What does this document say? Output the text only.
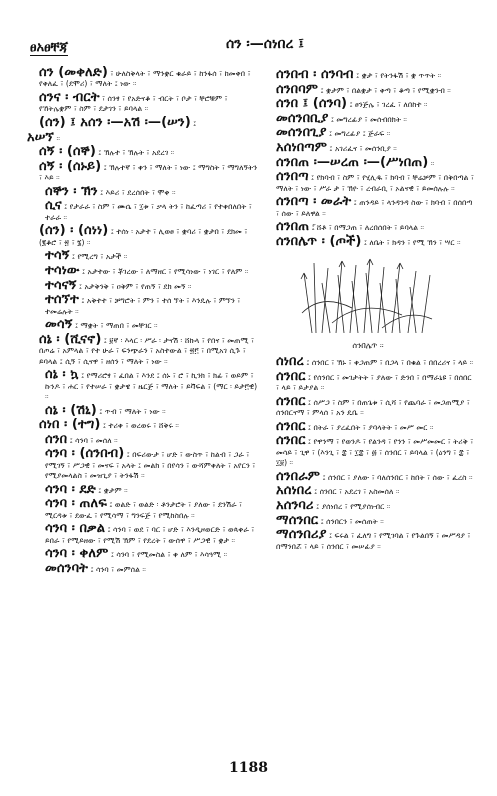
ፀአፀቸጃ	ሰን ፡—ሰነበረ ፤
ሰን (መቀለድ) ፣ ሁለስቅላት ፣ ማንቋር ቁራይ ፣ ከንፋሰ ፣ ከመቀበ ፣ የቀለፈ ፣ (ደሞሪ) ፣ ማለት ፤ ነው ።
ሰንና ፡ ብርት ፣ ሰንፃ ፣ የአድናቆ ፣ ብርት ፣ ቦታ ፣ ቸሮቹም ፣ የኸትሌቋም ፣ ስም ፣ ደታገን ፣ ይባላል ።
(ሰን) ፤ አሰን ፡—አሽ ፡—(ሠን) ፤
አሠኘ ።
ሰኝ ፡ (ሰኞ) ፤ ኽሉተ ፣ ኽሉት ፣ አደረገ ።
ሰኝ ፡ (ሰኑይ) ፤ ኽሉተኛ ፣ ቀን ፣ ማለት ፣ ነው ፤ ማግስት ፣ ማግለኝትን ፣ እይ ።
ሰኞን ፡ ኽን ፤ እይሪ ፣ ደረሰበት ፣ ሞቀ ።
ሲና ፤ የታራራ ፣ ስም ፣ ሙሴ ፣ ፲ቱ ፣ ቃላ ትን ፣ ከፈጣሪ ፣ የተቀበለበት ፣ ተራራ ።
(ሰን) ፡ (ሰነነ) ፤ ተሰነ ፡ አታተ ፣ ሊወፀ ፣ ቋባሪ ፣ ቋታበ ፣ ደክመ ፣ (፪ቆሮ ፣ ፳ ፣ ፮) ።
ተሳኝ ፤ የሚረግ ፣ አታች ።
ተሳነው ፤ አታተው ፣ ቾገረው ፣ ለማዘር ፣ የሚሳነው ፣ ነገር ፣ የለም ።
ተሳናኝ ፤ አታቅንቅ ፣ ዐቅም ፣ የጠኝ ፣ ደክ መኝ ።
ተሰኘተ ፤ አቅተተ ፣ ቻግሮት ፣ ምን ፣ ተሰ ኘት ፣ እንዴሉ ፣ ምኘን ፣ ተመሬሉት ።
መሳኝ ፤ ማቋት ፣ ማጠበ ፣ መቸገር ።
ሰኔ ፡ (ሺናኖ) ፤ ፱ኛ ፡ እላር ፡ ሥራ ፡ ታናሽ ፡ ሸኩላ ፣ የበና ፣ መጠሚ ፣ በጦሬ ፣ አምላል ፣ የተ ሁራ ፣ ፍንጭራን ፣ አስተውል ፣ ፳፫ ፣ በሚአገ ሲጉ ፣ ይባላል ፤ ሲኝ ፣ ሲናዋ ፣ ዘሰን ፣ ማለት ፣ ነው ።
ሰኔ ፡ ኳ ፤ የማሪሮፃ ፣ ፈበል ፣ እንደ ፤ ሰኑ ፣ ሮ ፣ ኪንክ ፣ ክፊ ፣ ወይም ፣ ኩንዶ ፣ ሐር ፣ የተሠራ ፣ ቋታዌ ፣ ዜርጅ ፣ ማለት ፣ ይቫፍል ፣ (ማር ፡ ይታ፫ዊ) ።
ሰኔ ፡ (ሽኒ) ፤ ጥብ ፣ ማለት ፣ ነው ።
ሰነበ ፡ (ተግ) ፤ ተሪቀ ፣ ወረወሩ ፣ ሸቅሩ ።
ሰንበ ፤ ሳንባ ፣ መሰለ ።
ሳንባ ፡ (ሰንበብ) ፤ በፍሪውታ ፣ ሆድ ፣ ውስጥ ፣ ከልብ ፣ ጋራ ፣ የሚገኝ ፣ ሥጋዊ ፣ መናፍ ፣ አላት ፤ መልክ ፣ በየሳን ፣ ውሻምቀለት ፣ አየርን ፣ የሚያመላልስ ፣ መዝጊያ ፣ ትንፋሽ ።
ሳንባ ፡ ደድ ፤ ቋታም ።
ሳንባ ፡ ጠለፍ ፤ ወልድ ፣ ወልድ ፡ ቶንታሮት ፣ ያለው ፣ ደንሽራ ፣ ሚርዳቱ ፣ ደውፈ ፣ የሚሳማ ፣ ግንፍጅ ፣ የሚከስበሉ ።
ሳንባ ፡ በቃል ፤ ሳንባ ፣ ወደ ፣ ባር ፣ ሆድ ፣ እንዲዞወርድ ፣ ወጳቀራ ፣ ይበራ ፣ የሚይዘው ፣ የሚሽ ኽም ፣ የደረት ፣ ውሰዋ ፣ ሥጋዊ ፣ ቋታ ።
ሳንባ ፡ ቀለም ፤ ሳንባ ፣ የሚመስል ፣ ቀ ለም ፣ እሳጓሚ ።
መሰንባት ፤ ሳንባ ፣ መምሰል ።
ሰንበብ ፡ ሰንባብ ፤ ቋታ ፣ የትንፋሽ ፣ ቋ ጥጥት ።
ሰንበባም ፤ ቋታም ፣ በልቋታ ፣ ቀጣ ፣ ቆጣ ፣ የሚቋንብ ።
ሰንበ ፤ (ሰንባ) ፤ ፀንጅሌ ፣ ገረፈ ፣ ለበከተ ።
መሰንበቢያ ፤ መግረፊያ ፣ መሰብበክት ።
መሰንበጊያ ፤ መግረፊያ ፤ ጅራፍ ።
አሰነበጣም ፤ አገሪፈና ፣ መሰንቢያ ።
ሰንበጠ ፡—ሠረጠ ፡—(ሥነበጠ) ።
ሰንበጣ ፤ የክባብ ፣ ስም ፣ የሂሊዱ ፣ ክባብ ፣ ቸሬቻም ፣ በቅበጣል ፣ ማለት ፣ ነው ፣ ሥራ ታ ፣ ኽዮ ፣ ረብራቢ ፣ ኦልናዊ ፣ ይመሰሉሉ ።
ሰንበጣ ፡ መራት ፤ ጠንዳይ ፣ ላንዳንዳ ስው ፣ ክባብ ፣ በሰበጣ ፣ ሰው ፣ ይለዋል ።
ሰንበጠ ፤ ፟ሸቶ ፣ በማጋጠ ፣ ለረበሰበት ፣ ይባላል ።
ሰንበሌጥ ፡ (ጦች) ፤ ለቤት ፣ ክዳን ፣ የሚ ኽን ፣ ሣር ።
ሰንበሌጥ ።
ሰነበረ ፤ ሰንበር ፣ ኽኑ ፣ ቀጋጠም ፣ በጋላ ፣ በቁል ፣ በበረሪና ፣ ላይ ።
ሰንበር ፤ የሰንበር ፣ መገታትት ፣ ያለው ፣ ድንበ ፣ በማራኒዩ ፣ በሰበር ፣ ላይ ፣ ይታያል ።
ሰንበር ፤ ሰሥጋ ፣ ስም ፣ በጠጌቱ ፣ ሲሻ ፣ የጨባራ ፣ መጋጠሚያ ፣ ሰንበርናማ ፣ ምላሰ ፣ አን ዴቤ ።
ሰንበር ፤ በትራ ፣ ያረፈበት ፣ ያባላትት ፣ መሥ መር ።
ሰንበር ፤ የዋንማ ፣ የወንዶ ፣ የልንዳ ፣ የንን ፣ መሥመመር ፣ ትሪቅ ፣ መሳይ ፣ ጊዋ ፣ (እንጊ ፣ ፰ ፣ ፲፰ ፣ ፴ ፣ ሰንበር ፣ ይባላል ፣ (ዕንግ ፣ ፰ ፣ ፲፱) ።
ሰንበራም ፤ ሰንበር ፣ ያለው ፣ ባለሰንበር ፣ ከበት ፣ ሰው ፣ ፈረስ ።
አሰነበረ ፤ ሰንበር ፣ አደረገ ፣ አስመሰለ ።
አሰንባሪ ፤ ያሰነበረ ፣ የሚያሰነብር ።
ማሰንበር ፤ ሰንበርን ፣ መሰጠት ።
ማሰንበሪያ ፤ ፍሩል ፣ ፈለግ ፣ የሚገባል ፣ የጉልበኝ ፣ መሥዳያ ፣ በማንበሯ ፣ ላይ ፣ ሰንበር ፣ መሠፊያ ።
1188
